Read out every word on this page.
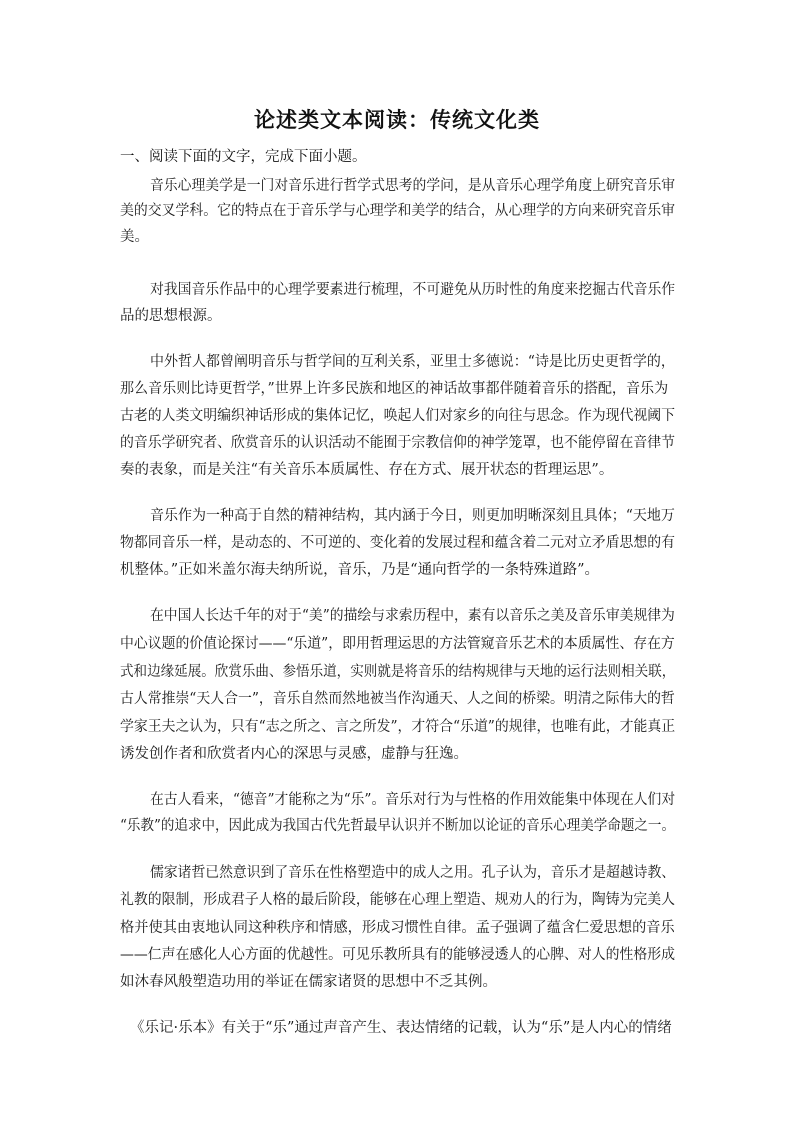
论述类文本阅读：传统文化类
一、阅读下面的文字，完成下面小题。
音乐心理美学是一门对音乐进行哲学式思考的学问，是从音乐心理学角度上研究音乐审
美的交叉学科。它的特点在于音乐学与心理学和美学的结合，从心理学的方向来研究音乐审
美。
对我国音乐作品中的心理学要素进行梳理，不可避免从历时性的角度来挖掘古代音乐作
品的思想根源。
中外哲人都曾阐明音乐与哲学间的互利关系，亚里士多德说：“诗是比历史更哲学的，
那么音乐则比诗更哲学，”世界上许多民族和地区的神话故事都伴随着音乐的搭配，音乐为
古老的人类文明编织神话形成的集体记忆，唤起人们对家乡的向往与思念。作为现代视阈下
的音乐学研究者、欣赏音乐的认识活动不能囿于宗教信仰的神学笼罩，也不能停留在音律节
奏的表象，而是关注“有关音乐本质属性、存在方式、展开状态的哲理运思”。
音乐作为一种高于自然的精神结构，其内涵于今日，则更加明晰深刻且具体；“天地万
物都同音乐一样，是动态的、不可逆的、变化着的发展过程和蕴含着二元对立矛盾思想的有
机整体。”正如米盖尔海夫纳所说，音乐，乃是“通向哲学的一条特殊道路”。
在中国人长达千年的对于“美”的描绘与求索历程中，素有以音乐之美及音乐审美规律为
中心议题的价值论探讨——“乐道”，即用哲理运思的方法管窥音乐艺术的本质属性、存在方
式和边缘延展。欣赏乐曲、参悟乐道，实则就是将音乐的结构规律与天地的运行法则相关联，
古人常推崇“天人合一”，音乐自然而然地被当作沟通天、人之间的桥梁。明清之际伟大的哲
学家王夫之认为，只有“志之所之、言之所发”，才符合“乐道”的规律，也唯有此，才能真正
诱发创作者和欣赏者内心的深思与灵感，虚静与狂逸。
在古人看来，“德音”才能称之为“乐”。音乐对行为与性格的作用效能集中体现在人们对
“乐教”的追求中，因此成为我国古代先哲最早认识并不断加以论证的音乐心理美学命题之一。
儒家诸哲已然意识到了音乐在性格塑造中的成人之用。孔子认为，音乐才是超越诗教、
礼教的限制，形成君子人格的最后阶段，能够在心理上塑造、规劝人的行为，陶铸为完美人
格并使其由衷地认同这种秩序和情感，形成习惯性自律。孟子强调了蕴含仁爱思想的音乐
——仁声在感化人心方面的优越性。可见乐教所具有的能够浸透人的心脾、对人的性格形成
如沐春风般塑造功用的举证在儒家诸贤的思想中不乏其例。
《乐记·乐本》有关于“乐”通过声音产生、表达情绪的记载，认为“乐”是人内心的情绪
